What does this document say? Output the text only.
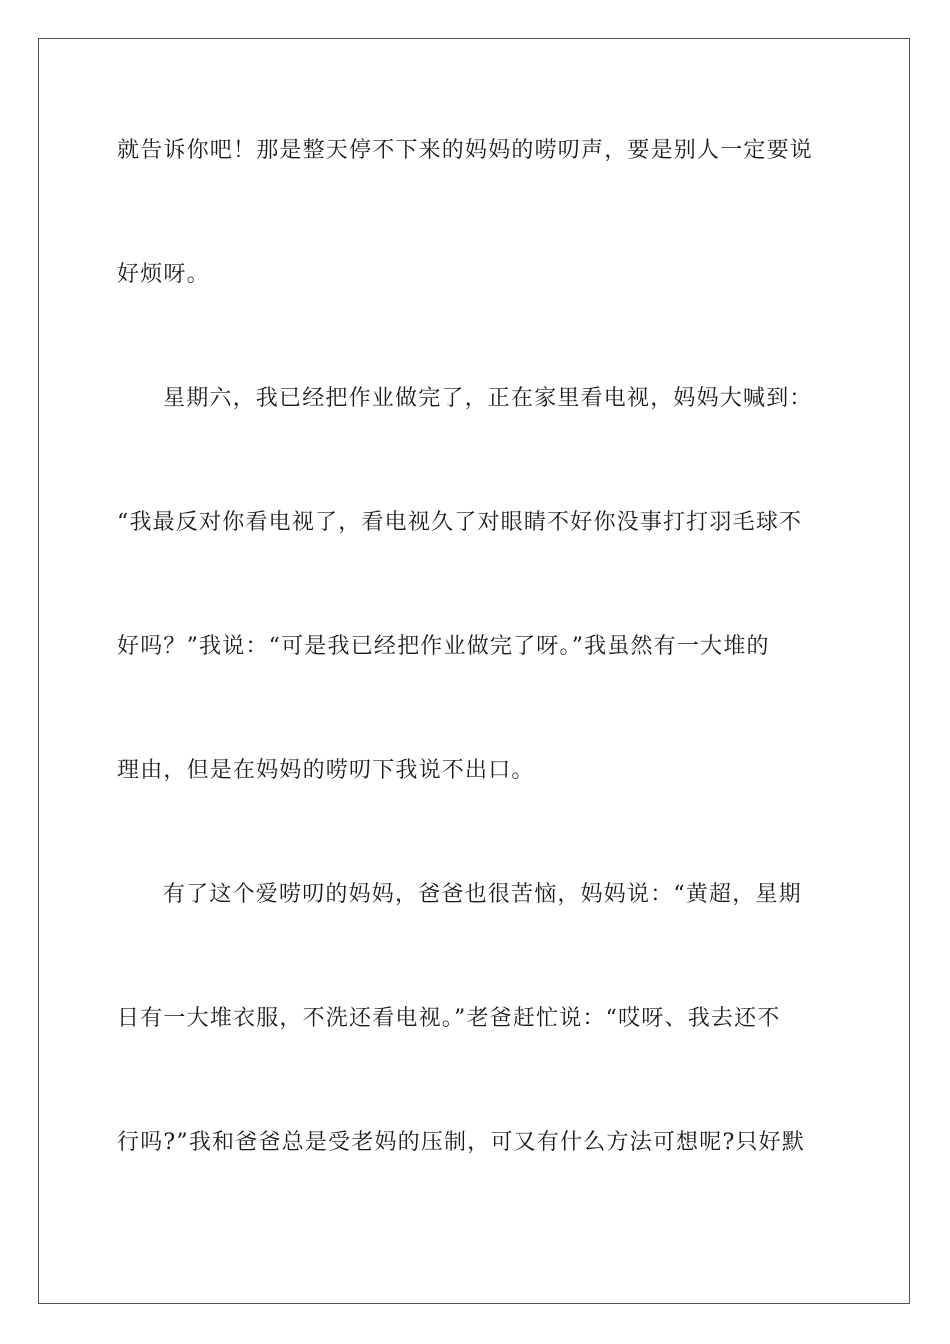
就告诉你吧！那是整天停不下来的妈妈的唠叨声，要是别人一定要说
好烦呀。
星期六，我已经把作业做完了，正在家里看电视，妈妈大喊到：
“我最反对你看电视了，看电视久了对眼睛不好你没事打打羽毛球不
好吗？”我说：“可是我已经把作业做完了呀。”我虽然有一大堆的
理由，但是在妈妈的唠叨下我说不出口。
有了这个爱唠叨的妈妈，爸爸也很苦恼，妈妈说：“黄超，星期
日有一大堆衣服，不洗还看电视。”老爸赶忙说：“哎呀、我去还不
行吗?”我和爸爸总是受老妈的压制，可又有什么方法可想呢?只好默
